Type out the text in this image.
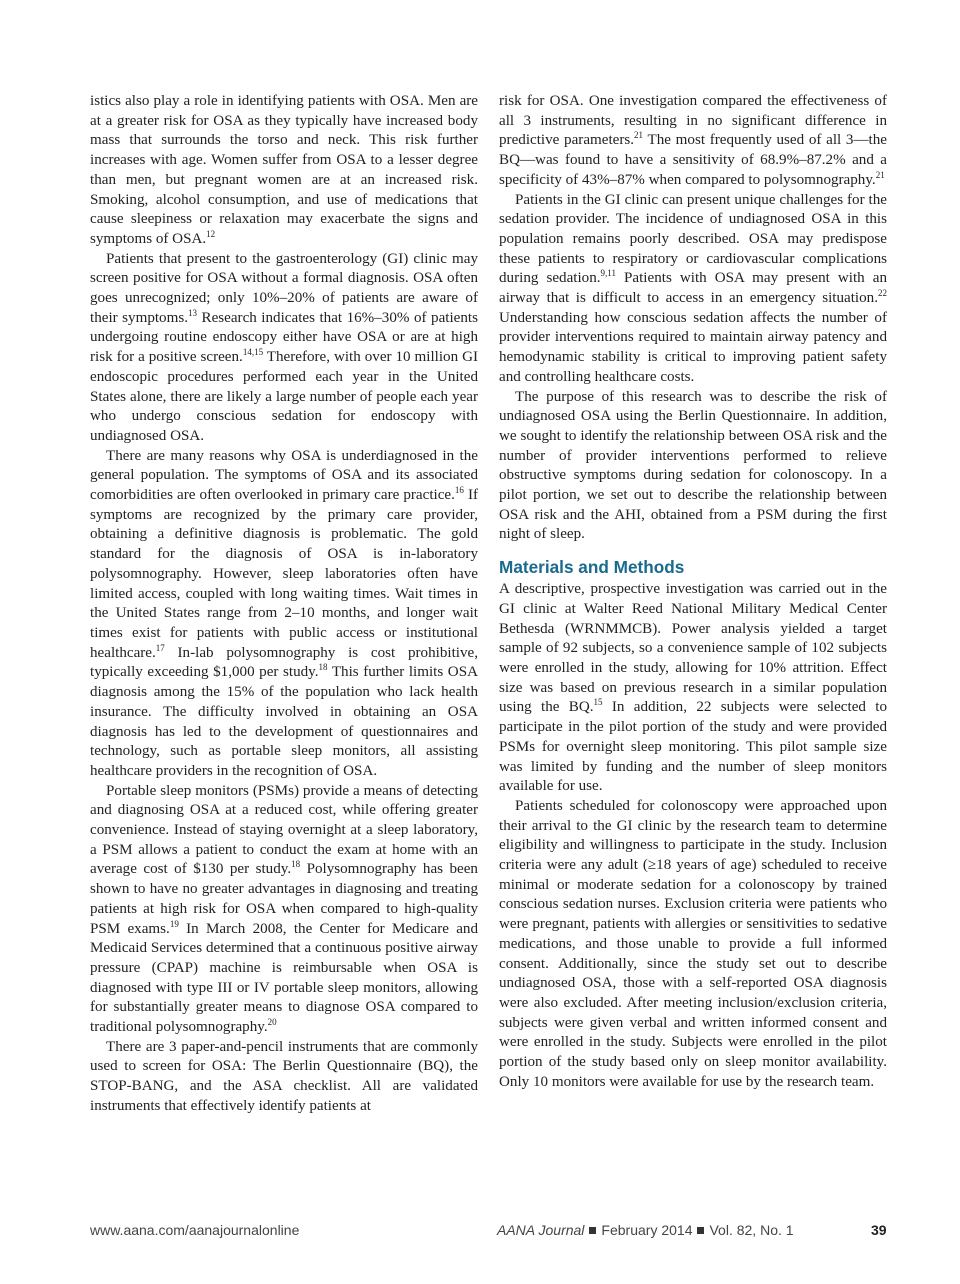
istics also play a role in identifying patients with OSA. Men are at a greater risk for OSA as they typically have increased body mass that surrounds the torso and neck. This risk further increases with age. Women suffer from OSA to a lesser degree than men, but pregnant women are at an increased risk. Smoking, alcohol consumption, and use of medications that cause sleepiness or relaxation may exacerbate the signs and symptoms of OSA.$^{12}$

Patients that present to the gastroenterology (GI) clinic may screen positive for OSA without a formal diagnosis. OSA often goes unrecognized; only 10%–20% of patients are aware of their symptoms.$^{13}$ Research indicates that 16%–30% of patients undergoing routine endoscopy either have OSA or are at high risk for a positive screen.$^{14,15}$ Therefore, with over 10 million GI endoscopic procedures performed each year in the United States alone, there are likely a large number of people each year who undergo conscious sedation for endoscopy with undiagnosed OSA.

There are many reasons why OSA is underdiagnosed in the general population. The symptoms of OSA and its associated comorbidities are often overlooked in primary care practice.$^{16}$ If symptoms are recognized by the primary care provider, obtaining a definitive diagnosis is problematic. The gold standard for the diagnosis of OSA is in-laboratory polysomnography. However, sleep laboratories often have limited access, coupled with long waiting times. Wait times in the United States range from 2–10 months, and longer wait times exist for patients with public access or institutional healthcare.$^{17}$ In-lab polysomnography is cost prohibitive, typically exceeding $1,000 per study.$^{18}$ This further limits OSA diagnosis among the 15% of the population who lack health insurance. The difficulty involved in obtaining an OSA diagnosis has led to the development of questionnaires and technology, such as portable sleep monitors, all assisting healthcare providers in the recognition of OSA.

Portable sleep monitors (PSMs) provide a means of detecting and diagnosing OSA at a reduced cost, while offering greater convenience. Instead of staying overnight at a sleep laboratory, a PSM allows a patient to conduct the exam at home with an average cost of $130 per study.$^{18}$ Polysomnography has been shown to have no greater advantages in diagnosing and treating patients at high risk for OSA when compared to high-quality PSM exams.$^{19}$ In March 2008, the Center for Medicare and Medicaid Services determined that a continuous positive airway pressure (CPAP) machine is reimbursable when OSA is diagnosed with type III or IV portable sleep monitors, allowing for substantially greater means to diagnose OSA compared to traditional polysomnography.$^{20}$

There are 3 paper-and-pencil instruments that are commonly used to screen for OSA: The Berlin Questionnaire (BQ), the STOP-BANG, and the ASA checklist. All are validated instruments that effectively identify patients at

risk for OSA. One investigation compared the effectiveness of all 3 instruments, resulting in no significant difference in predictive parameters.$^{21}$ The most frequently used of all 3—the BQ—was found to have a sensitivity of 68.9%–87.2% and a specificity of 43%–87% when compared to polysomnography.$^{21}$

Patients in the GI clinic can present unique challenges for the sedation provider. The incidence of undiagnosed OSA in this population remains poorly described. OSA may predispose these patients to respiratory or cardiovascular complications during sedation.$^{9,11}$ Patients with OSA may present with an airway that is difficult to access in an emergency situation.$^{22}$ Understanding how conscious sedation affects the number of provider interventions required to maintain airway patency and hemodynamic stability is critical to improving patient safety and controlling healthcare costs.

The purpose of this research was to describe the risk of undiagnosed OSA using the Berlin Questionnaire. In addition, we sought to identify the relationship between OSA risk and the number of provider interventions performed to relieve obstructive symptoms during sedation for colonoscopy. In a pilot portion, we set out to describe the relationship between OSA risk and the AHI, obtained from a PSM during the first night of sleep.

Materials and Methods

A descriptive, prospective investigation was carried out in the GI clinic at Walter Reed National Military Medical Center Bethesda (WRNMMCB). Power analysis yielded a target sample of 92 subjects, so a convenience sample of 102 subjects were enrolled in the study, allowing for 10% attrition. Effect size was based on previous research in a similar population using the BQ.$^{15}$ In addition, 22 subjects were selected to participate in the pilot portion of the study and were provided PSMs for overnight sleep monitoring. This pilot sample size was limited by funding and the number of sleep monitors available for use.

Patients scheduled for colonoscopy were approached upon their arrival to the GI clinic by the research team to determine eligibility and willingness to participate in the study. Inclusion criteria were any adult (≥18 years of age) scheduled to receive minimal or moderate sedation for a colonoscopy by trained conscious sedation nurses. Exclusion criteria were patients who were pregnant, patients with allergies or sensitivities to sedative medications, and those unable to provide a full informed consent. Additionally, since the study set out to describe undiagnosed OSA, those with a self-reported OSA diagnosis were also excluded. After meeting inclusion/exclusion criteria, subjects were given verbal and written informed consent and were enrolled in the study. Subjects were enrolled in the pilot portion of the study based only on sleep monitor availability. Only 10 monitors were available for use by the research team.

www.aana.com/aanajournalonline	AANA Journal February 2014 Vol. 82, No. 1	39
